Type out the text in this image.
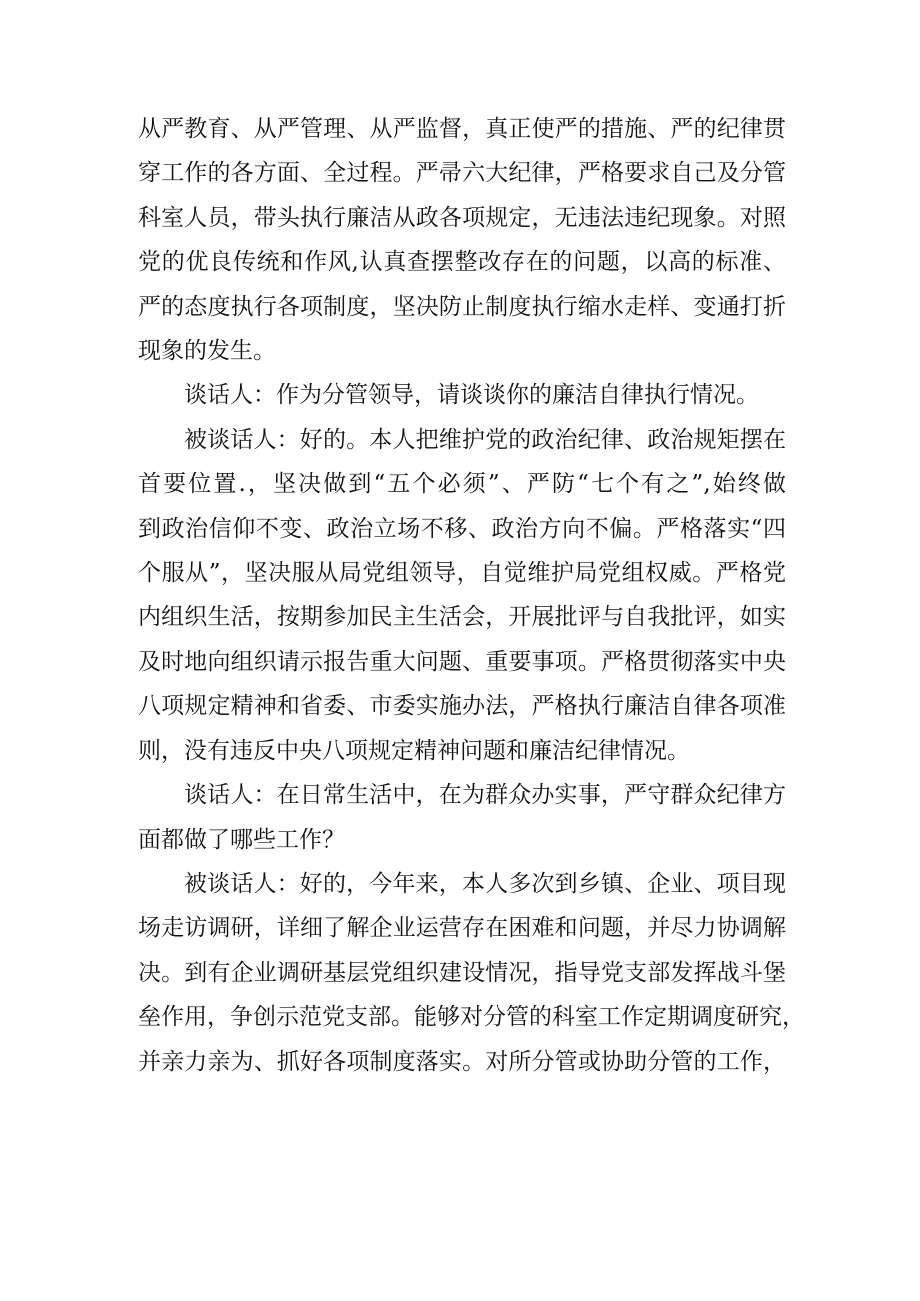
从严教育、从严管理、从严监督，真正使严的措施、严的纪律贯
穿工作的各方面、全过程。严帚六大纪律，严格要求自己及分管
科室人员，带头执行廉洁从政各项规定，无违法违纪现象。对照
党的优良传统和作风,认真查摆整改存在的问题，以高的标准、
严的态度执行各项制度，坚决防止制度执行缩水走样、变通打折
现象的发生。

谈话人：作为分管领导，请谈谈你的廉洁自律执行情况。

被谈话人：好的。本人把维护党的政治纪律、政治规矩摆在
首要位置.，坚决做到“五个必须”、严防“七个有之”,始终做
到政治信仰不变、政治立场不移、政治方向不偏。严格落实“四
个服从”，坚决服从局党组领导，自觉维护局党组权威。严格党
内组织生活，按期参加民主生活会，开展批评与自我批评，如实
及时地向组织请示报告重大问题、重要事项。严格贯彻落实中央
八项规定精神和省委、市委实施办法，严格执行廉洁自律各项准
则，没有违反中央八项规定精神问题和廉洁纪律情况。

谈话人：在日常生活中，在为群众办实事，严守群众纪律方
面都做了哪些工作？

被谈话人：好的，今年来，本人多次到乡镇、企业、项目现
场走访调研，详细了解企业运营存在困难和问题，并尽力协调解
决。到有企业调研基层党组织建设情况，指导党支部发挥战斗堡
垒作用，争创示范党支部。能够对分管的科室工作定期调度研究，
并亲力亲为、抓好各项制度落实。对所分管或协助分管的工作，
